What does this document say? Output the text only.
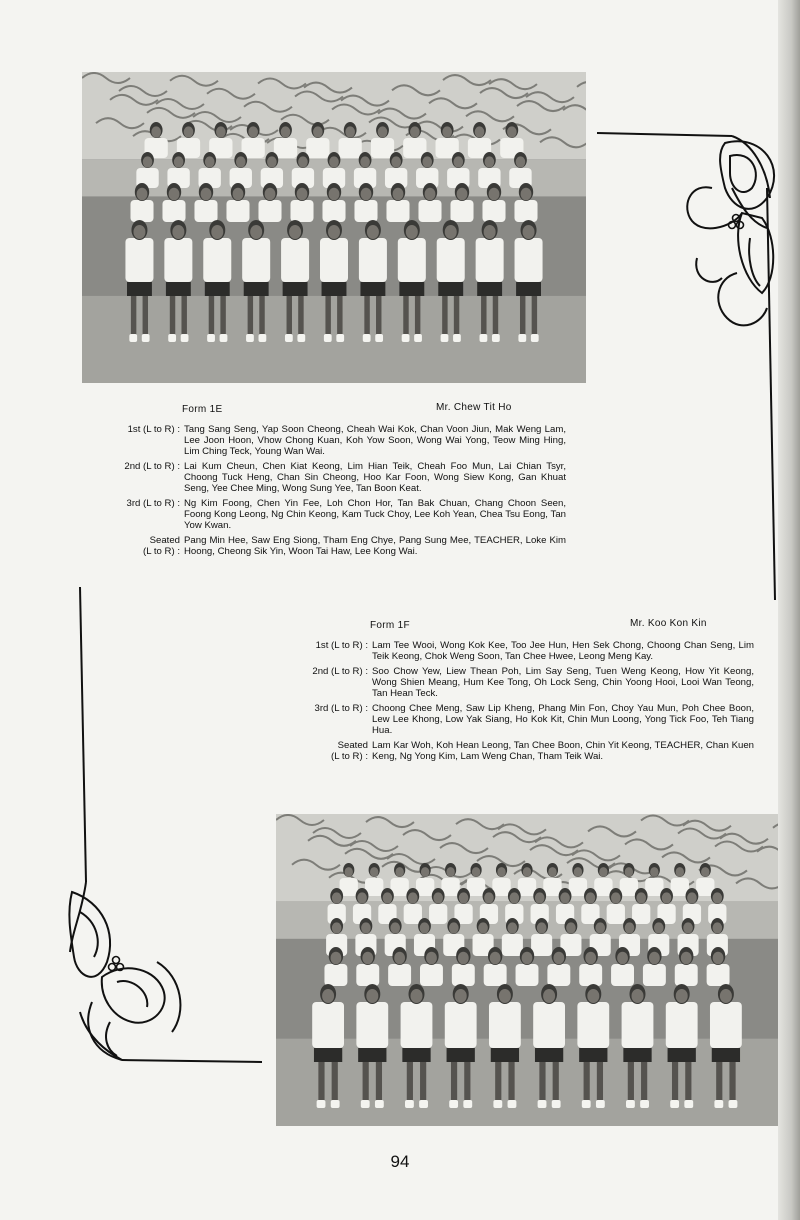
Form 1E	Mr. Chew Tit Ho
1st (L to R) : Tang Sang Seng, Yap Soon Cheong, Cheah Wai Kok, Chan Voon Jiun, Mak Weng Lam, Lee Joon Hoon, Vhow Chong Kuan, Koh Yow Soon, Wong Wai Yong, Teow Ming Hing, Lim Ching Teck, Young Wan Wai.
2nd (L to R) : Lai Kum Cheun, Chen Kiat Keong, Lim Hian Teik, Cheah Foo Mun, Lai Chian Tsyr, Choong Tuck Heng, Chan Sin Cheong, Hoo Kar Foon, Wong Siew Kong, Gan Khuat Seng, Yee Chee Ming, Wong Sung Yee, Tan Boon Keat.
3rd (L to R) : Ng Kim Foong, Chen Yin Fee, Loh Chon Hor, Tan Bak Chuan, Chang Choon Seen, Foong Kong Leong, Ng Chin Keong, Kam Tuck Choy, Lee Koh Yean, Chea Tsu Eong, Tan Yow Kwan.
Seated
(L to R) :
Pang Min Hee, Saw Eng Siong, Tham Eng Chye, Pang Sung Mee, TEACHER, Loke Kim Hoong, Cheong Sik Yin, Woon Tai Haw, Lee Kong Wai.
Form 1F	Mr. Koo Kon Kin
1st (L to R) : Lam Tee Wooi, Wong Kok Kee, Too Jee Hun, Hen Sek Chong, Choong Chan Seng, Lim Teik Keong, Chok Weng Soon, Tan Chee Hwee, Leong Meng Kay.
2nd (L to R) : Soo Chow Yew, Liew Thean Poh, Lim Say Seng, Tuen Weng Keong, How Yit Keong, Wong Shien Meang, Hum Kee Tong, Oh Lock Seng, Chin Yoong Hooi, Looi Wan Teong, Tan Hean Teck.
3rd (L to R) : Choong Chee Meng, Saw Lip Kheng, Phang Min Fon, Choy Yau Mun, Poh Chee Boon, Lew Lee Khong, Low Yak Siang, Ho Kok Kit, Chin Mun Loong, Yong Tick Foo, Teh Tiang Hua.
Seated
(L to R) :
Lam Kar Woh, Koh Hean Leong, Tan Chee Boon, Chin Yit Keong, TEACHER, Chan Kuen Keng, Ng Yong Kim, Lam Weng Chan, Tham Teik Wai.
94
